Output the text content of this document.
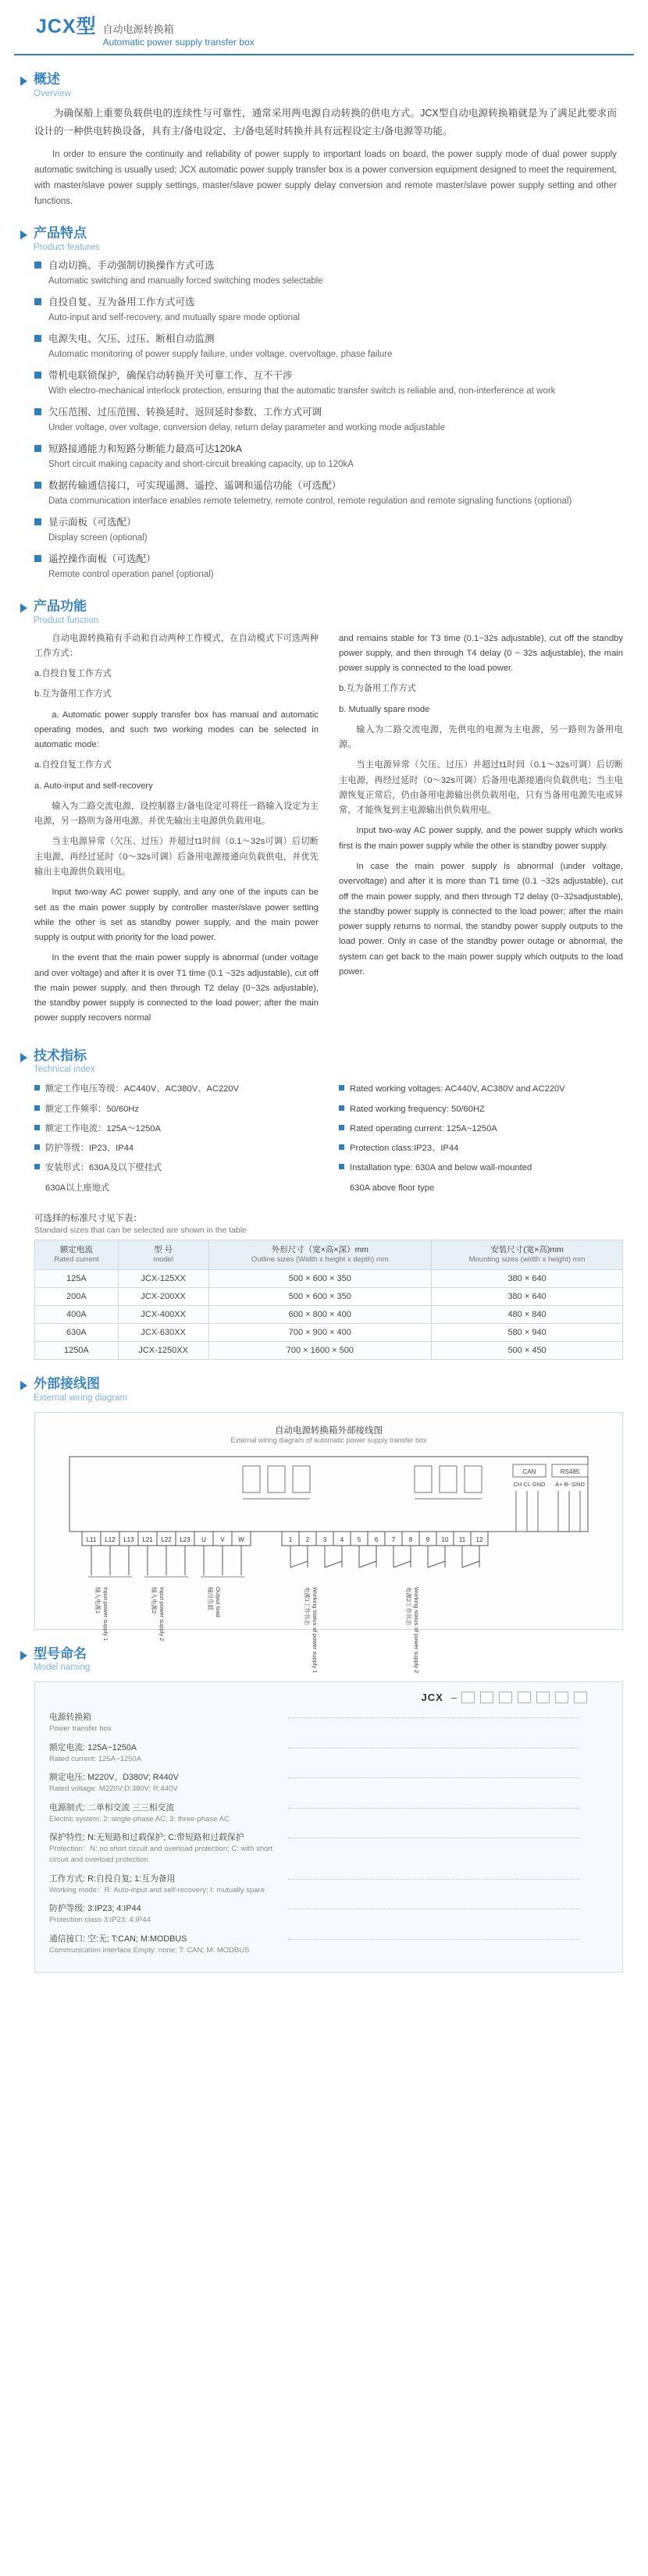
JCX型 自动电源转换箱
Automatic power supply transfer box
概述
Overview

为确保船上重要负载供电的连续性与可靠性，通常采用两电源自动转换的供电方式。JCX型自动电源转换箱就是为了满足此要求而设计的一种供电转换设备，具有主/备电设定、主/备电延时转换并具有远程设定主/备电源等功能。

In order to ensure the continuity and reliability of power supply to important loads on board, the power supply mode of dual power supply automatic switching is usually used; JCX automatic power supply transfer box is a power conversion equipment designed to meet the requirement, with master/slave power supply settings, master/slave power supply delay conversion and remote master/slave power supply setting and other functions.

产品特点
Product features
自动切换、手动强制切换操作方式可选
Automatic switching and manually forced switching modes selectable
自投自复、互为备用工作方式可选
Auto-input and self-recovery, and mutually spare mode optional
电源失电、欠压、过压、断相自动监测
Automatic monitoring of power supply failure, under voltage, overvoltage, phase failure
带机电联锁保护，确保启动转换开关可靠工作、互不干涉
With electro-mechanical interlock protection, ensuring that the automatic transfer switch is reliable and, non-interference at work
欠压范围、过压范围、转换延时、返回延时参数、工作方式可调
Under voltage, over voltage, conversion delay, return delay parameter and working mode adjustable
短路接通能力和短路分断能力最高可达120kA
Short circuit making capacity and short-circuit breaking capacity, up to 120kA
数据传输通信接口，可实现遥测、遥控、遥调和遥信功能（可选配）
Data communication interface enables remote telemetry, remote control, remote regulation and remote signaling functions (optional)
显示面板（可选配）
Display screen (optional)
遥控操作面板（可选配）
Remote control operation panel (optional)
产品功能
Product function

自动电源转换箱有手动和自动两种工作模式，在自动模式下可选两种工作方式：

a.自投自复工作方式

b.互为备用工作方式

a. Automatic power supply transfer box has manual and automatic operating modes, and such two working modes can be selected in automatic mode:

a.自投自复工作方式

a. Auto-input and self-recovery

输入为二路交流电源，设控制器主/备电设定可将任一路输入设定为主电源，另一路则为备用电源。并优先输出主电源供负载用电。

当主电源异常（欠压、过压）并超过t1时间（0.1～32s可调）后切断主电源，再经过延时（0～32s可调）后备用电源接通向负载供电，并优先输出主电源供负载用电。

Input two-way AC power supply, and any one of the inputs can be set as the main power supply by controller master/slave power setting while the other is set as standby power supply, and the main power supply is output with priority for the load power.

In the event that the main power supply is abnormal (under voltage and over voltage) and after it is over T1 time (0.1 ~32s adjustable), cut off the main power supply, and then through T2 delay (0~32s adjustable), the standby power supply is connected to the load power; after the main power supply recovers normal

and remains stable for T3 time (0.1~32s adjustable), cut off the standby power supply, and then through T4 delay (0 ~ 32s adjustable), the main power supply is connected to the load power.

b.互为备用工作方式

b. Mutually spare mode

输入为二路交流电源，先供电的电源为主电源，另一路则为备用电源。

当主电源异常（欠压、过压）并超过t1时间（0.1～32s可调）后切断主电源，再经过延时（0～32s可调）后备用电源接通向负载供电；当主电源恢复正常后，仍由备用电源输出供负载用电，只有当备用电源失电或异常，才能恢复到主电源输出供负载用电。

Input two-way AC power supply, and the power supply which works first is the main power supply while the other is standby power supply.

In case the main power supply is abnormal (under voltage, overvoltage) and after it is more than T1 time (0.1 ~32s adjustable), cut off the main power supply, and then through T2 delay (0~32sadjustable), the standby power supply is connected to the load power; after the main power supply returns to normal, the standby power supply outputs to the load power. Only in case of the standby power outage or abnormal, the system can get back to the main power supply which outputs to the load power.

技术指标
Technical index
额定工作电压等级：AC440V、AC380V、AC220V
额定工作频率：50/60Hz
额定工作电流：125A～1250A
防护等级：IP23、IP44
安装形式：630A及以下壁挂式
630A以上座地式
Rated working voltages: AC440V, AC380V and AC220V
Rated working frequency: 50/60HZ
Rated operating current: 125A~1250A
Protection class:IP23、IP44
Installation type: 630A and below wall-mounted
630A above floor type
可选择的标准尺寸见下表：
Standard sizes that can be selected are shown in the table
额定电流
Rated current	型 号
model	外形尺寸（宽×高×深）mm
Outline sizes (Width x height x depth) mm	安装尺寸(宽×高)mm
Mounting sizes (width x height) mm

125A	JCX-125XX	500 × 600 × 350	380 × 640
200A	JCX-200XX	500 × 600 × 350	380 × 640
400A	JCX-400XX	600 × 800 × 400	480 × 840
630A	JCX-630XX	700 × 900 × 400	580 × 940
1250A	JCX-1250XX	700 × 1600 × 500	500 × 450
外部接线图
External wiring diagram
自动电源转换箱外部接线图
External wiring diagram of automatic power supply transfer box
CAN	RS485
CH CL GND A+ B- GND
L11 L12 L13 L21 L22 L23 U V W	1 2 3 4 5 6 7 8 9 10 11 12
输入电源1 Input power supply 1	输入电源2 Input power supply 2	输出负载 Output load	电源1工作状态 Working status of power supply 1	电源2工作状态 Working status of power supply 2
型号命名
Model naming
JCX –
电源转换箱
Power transfer box
额定电流: 125A~1250A
Rated current: 125A~1250A
额定电压: M220V、D380V; R440V
Rated voltage: M220V;D:380V; R:440V
电源制式: 二单相交流 三三相交流
Electric system: 2: single-phase AC; 3: three-phase AC
保护特性: N:无短路和过载保护; C:带短路和过载保护
Protection：N: no short circuit and overload protection; C: with short circuit and overload protection
工作方式: R:自投自复; 1:互为备用
Working mode：R: Auto-input and self-recovery; I: mutually spare
防护等级: 3:IP23; 4:IP44
Protection class 3:IP23; 4:IP44
通信接口: 空:无; T:CAN; M:MODBUS
Communication interface Empty: none; T: CAN; M: MODBUS
